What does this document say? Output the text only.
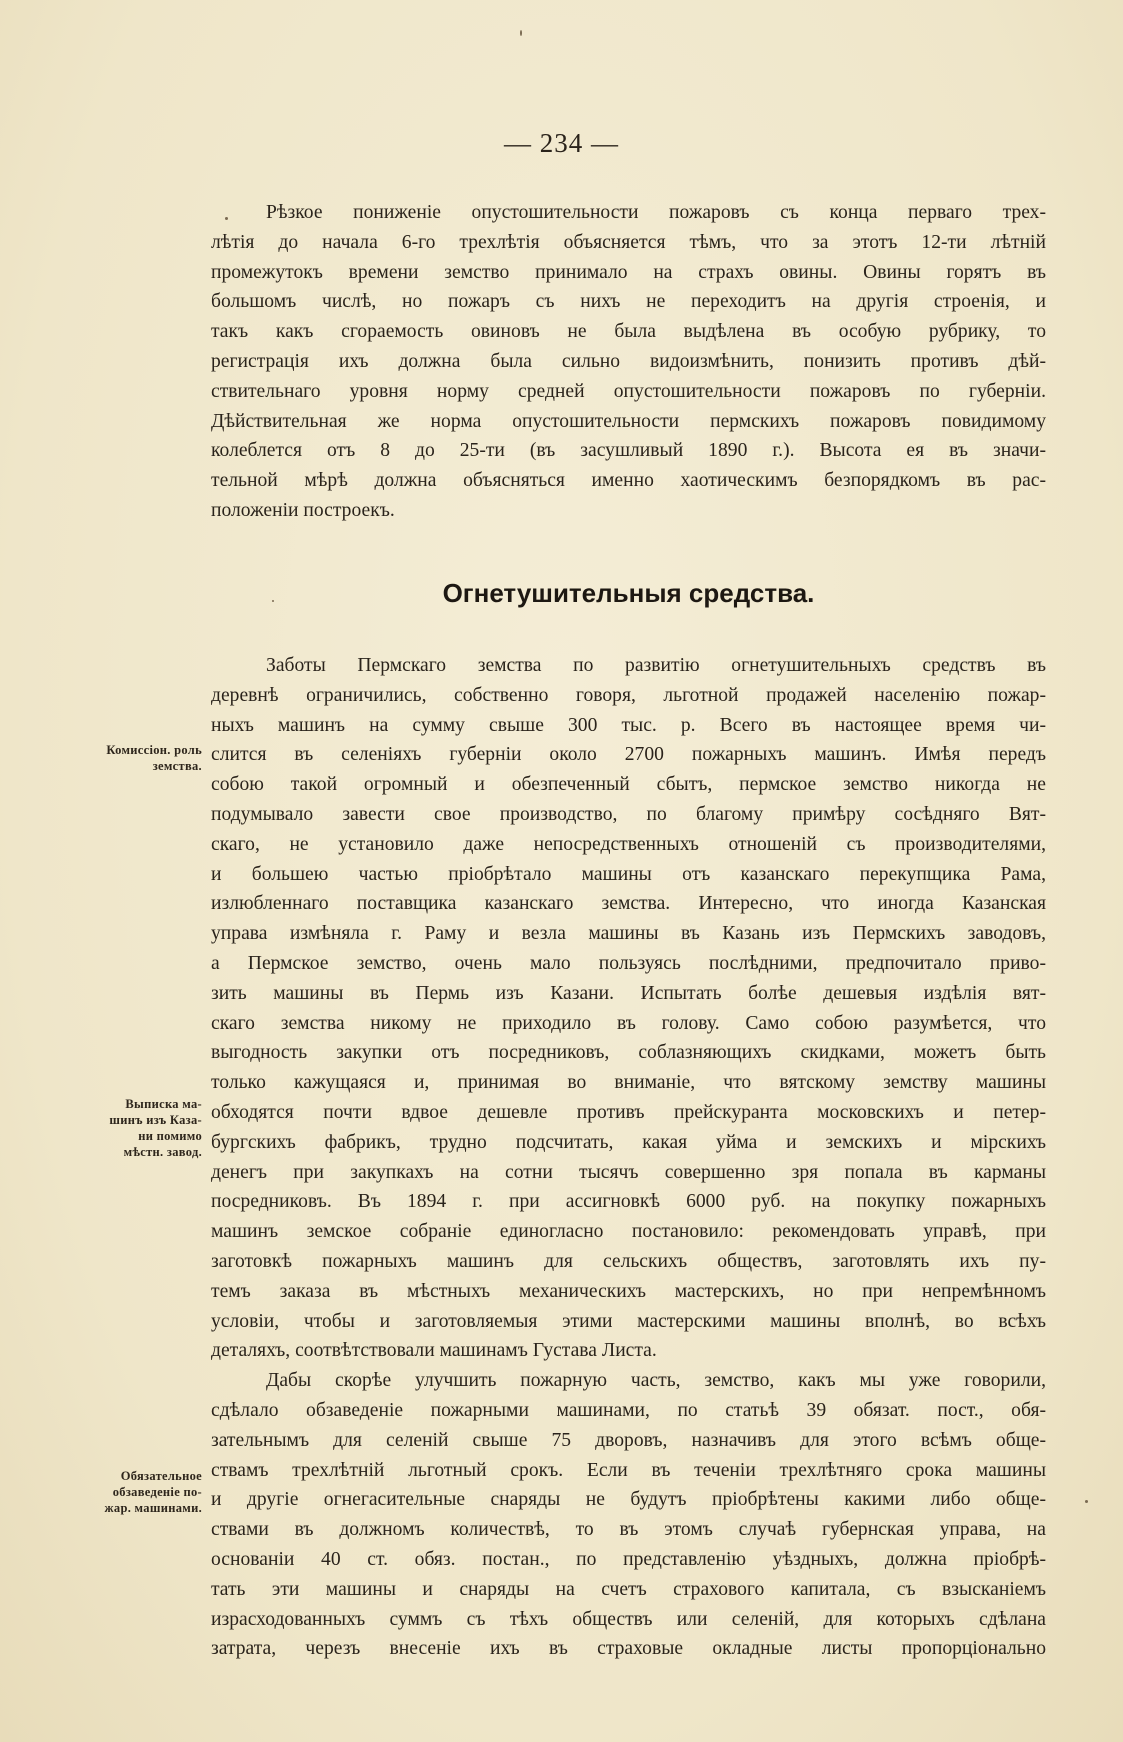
— 234 —
Рѣзкое пониженіе опустошительности пожаровъ съ конца перваго трех-
лѣтія до начала 6-го трехлѣтія объясняется тѣмъ, что за этотъ 12-ти лѣтній
промежутокъ времени земство принимало на страхъ овины. Овины горятъ въ
большомъ числѣ, но пожаръ съ нихъ не переходитъ на другія строенія, и
такъ какъ сгораемость овиновъ не была выдѣлена въ особую рубрику, то
регистрація ихъ должна была сильно видоизмѣнить, понизить противъ дѣй-
ствительнаго уровня норму средней опустошительности пожаровъ по губерніи.
Дѣйствительная же норма опустошительности пермскихъ пожаровъ повидимому
колеблется отъ 8 до 25-ти (въ засушливый 1890 г.). Высота ея въ значи-
тельной мѣрѣ должна объясняться именно хаотическимъ безпорядкомъ въ рас-
положеніи построекъ.
Огнетушительныя средства.
Заботы Пермскаго земства по развитію огнетушительныхъ средствъ въ
деревнѣ ограничились, собственно говоря, льготной продажей населенію пожар-
ныхъ машинъ на сумму свыше 300 тыс. р. Всего въ настоящее время чи-
слится въ селеніяхъ губерніи около 2700 пожарныхъ машинъ. Имѣя передъ
собою такой огромный и обезпеченный сбытъ, пермское земство никогда не
подумывало завести свое производство, по благому примѣру сосѣдняго Вят-
скаго, не установило даже непосредственныхъ отношеній съ производителями,
и большею частью пріобрѣтало машины отъ казанскаго перекупщика Рама,
излюбленнаго поставщика казанскаго земства. Интересно, что иногда Казанская
управа измѣняла г. Раму и везла машины въ Казань изъ Пермскихъ заводовъ,
а Пермское земство, очень мало пользуясь послѣдними, предпочитало приво-
зить машины въ Пермь изъ Казани. Испытать болѣе дешевыя издѣлія вят-
скаго земства никому не приходило въ голову. Само собою разумѣется, что
выгодность закупки отъ посредниковъ, соблазняющихъ скидками, можетъ быть
только кажущаяся и, принимая во вниманіе, что вятскому земству машины
обходятся почти вдвое дешевле противъ прейскуранта московскихъ и петер-
бургскихъ фабрикъ, трудно подсчитать, какая уйма и земскихъ и мірскихъ
денегъ при закупкахъ на сотни тысячъ совершенно зря попала въ карманы
посредниковъ. Въ 1894 г. при ассигновкѣ 6000 руб. на покупку пожарныхъ
машинъ земское собраніе единогласно постановило: рекомендовать управѣ, при
заготовкѣ пожарныхъ машинъ для сельскихъ обществъ, заготовлять ихъ пу-
темъ заказа въ мѣстныхъ механическихъ мастерскихъ, но при непремѣнномъ
условіи, чтобы и заготовляемыя этими мастерскими машины вполнѣ, во всѣхъ
деталяхъ, соотвѣтствовали машинамъ Густава Листа.
Дабы скорѣе улучшить пожарную часть, земство, какъ мы уже говорили,
сдѣлало обзаведеніе пожарными машинами, по статьѣ 39 обязат. пост., обя-
зательнымъ для селеній свыше 75 дворовъ, назначивъ для этого всѣмъ обще-
ствамъ трехлѣтній льготный срокъ. Если въ теченіи трехлѣтняго срока машины
и другіе огнегасительные снаряды не будутъ пріобрѣтены какими либо обще-
ствами въ должномъ количествѣ, то въ этомъ случаѣ губернская управа, на
основаніи 40 ст. обяз. постан., по представленію уѣздныхъ, должна пріобрѣ-
тать эти машины и снаряды на счетъ страхового капитала, съ взысканіемъ
израсходованныхъ суммъ съ тѣхъ обществъ или селеній, для которыхъ сдѣлана
затрата, черезъ внесеніе ихъ въ страховые окладные листы пропорціонально
Комиссіон. роль
земства.
Выписка ма-
шинъ изъ Каза-
ни помимо
мѣстн. завод.
Обязательное
обзаведеніе по-
жар. машинами.
